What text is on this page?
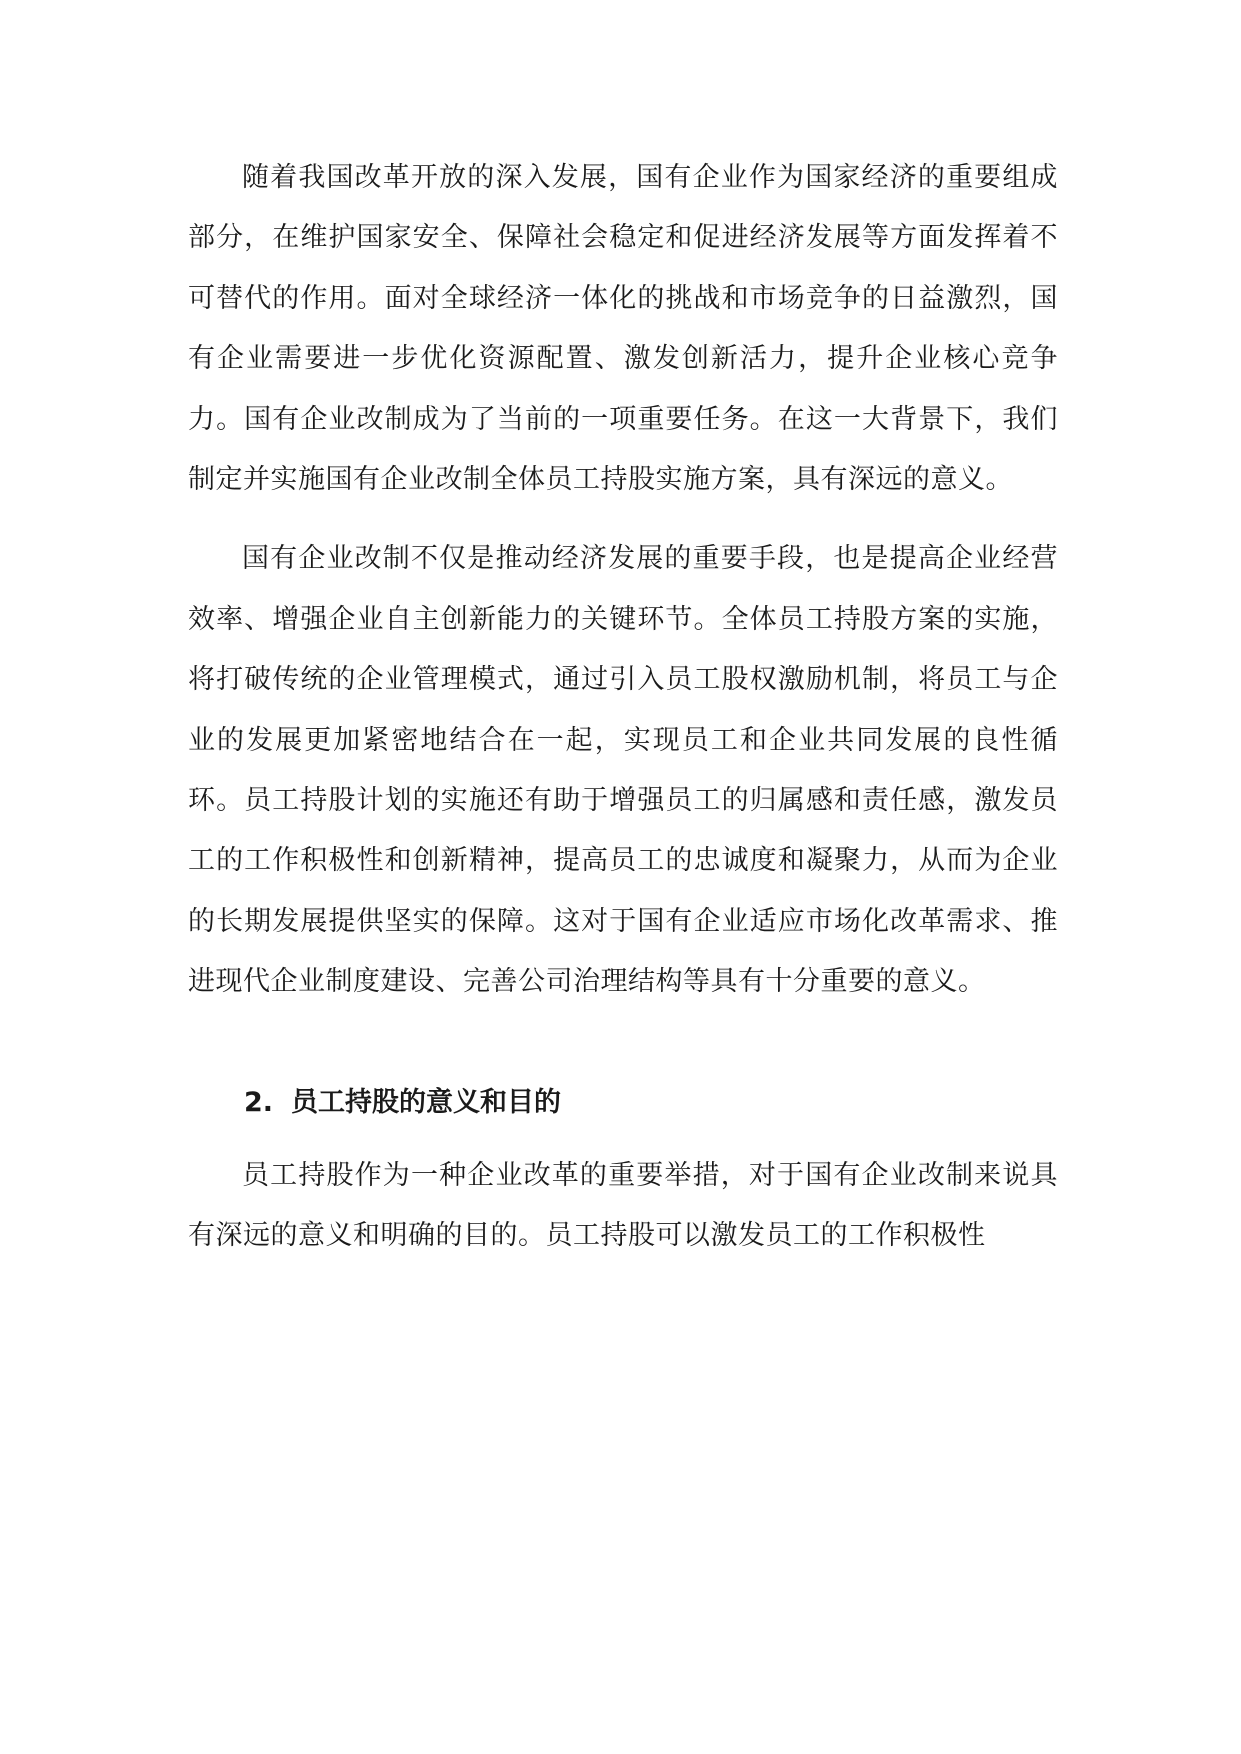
随着我国改革开放的深入发展，国有企业作为国家经济的重要组成部分，在维护国家安全、保障社会稳定和促进经济发展等方面发挥着不可替代的作用。面对全球经济一体化的挑战和市场竞争的日益激烈，国有企业需要进一步优化资源配置、激发创新活力，提升企业核心竞争力。国有企业改制成为了当前的一项重要任务。在这一大背景下，我们制定并实施国有企业改制全体员工持股实施方案，具有深远的意义。

国有企业改制不仅是推动经济发展的重要手段，也是提高企业经营效率、增强企业自主创新能力的关键环节。全体员工持股方案的实施，将打破传统的企业管理模式，通过引入员工股权激励机制，将员工与企业的发展更加紧密地结合在一起，实现员工和企业共同发展的良性循环。员工持股计划的实施还有助于增强员工的归属感和责任感，激发员工的工作积极性和创新精神，提高员工的忠诚度和凝聚力，从而为企业的长期发展提供坚实的保障。这对于国有企业适应市场化改革需求、推进现代企业制度建设、完善公司治理结构等具有十分重要的意义。

2. 员工持股的意义和目的

员工持股作为一种企业改革的重要举措，对于国有企业改制来说具有深远的意义和明确的目的。员工持股可以激发员工的工作积极性
